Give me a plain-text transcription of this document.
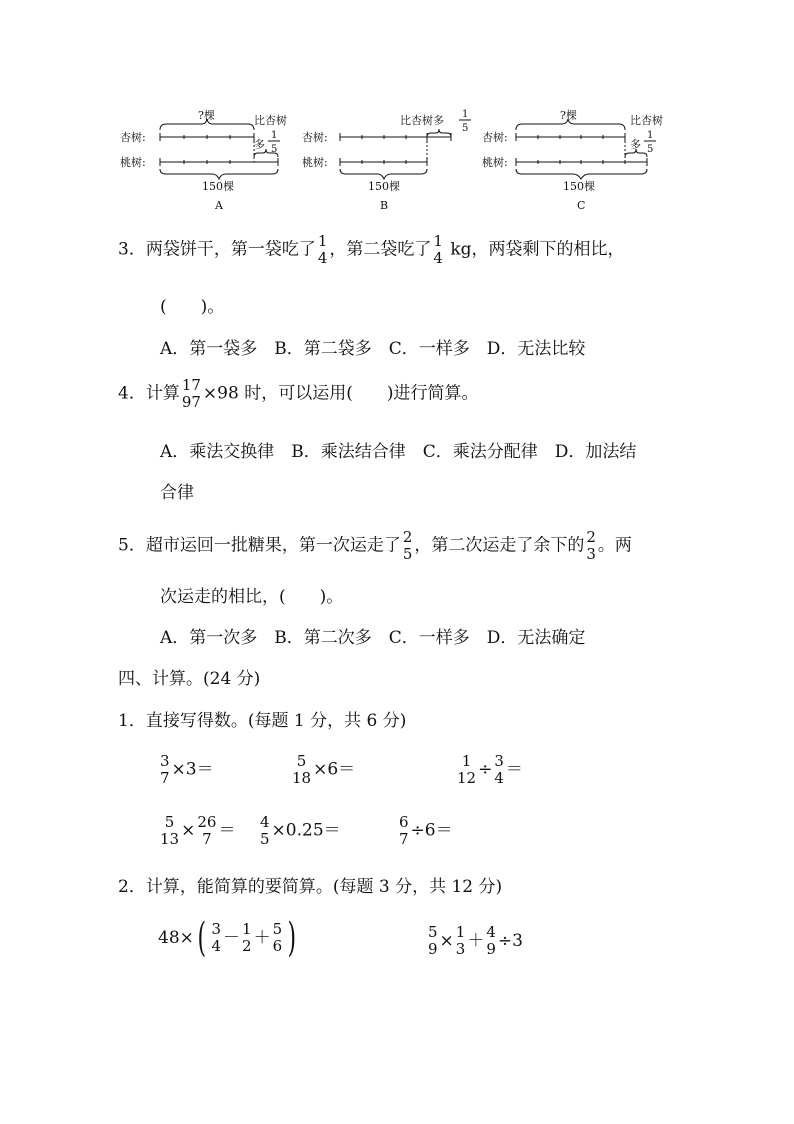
杏树 :
桃树 :
?棵	比杏树
多
1
5
150棵
A
杏树 :
桃树 :
比杏树多 1
5
150棵
B
杏树 :
桃树 :
?棵	比杏树
多
1
5
150棵
C
3．两袋饼干，第一袋吃了 1
4 ，第二袋吃了 1
4 kg，两袋剩下的相比，
(　　)。
A．第一袋多　B．第二袋多　C．一样多　D．无法比较
4．计算 17
97 ×98 时，可以运用(　　)进行简算。
A．乘法交换律　B．乘法结合律　C．乘法分配律　D．加法结
合律
5．超市运回一批糖果，第一次运走了 2
5 ，第二次运走了余下的 2
3 。两
次运走的相比，(　　)。
A．第一次多　B．第二次多　C．一样多　D．无法确定
四、计算。(24 分)
1．直接写得数。(每题 1 分，共 6 分)
3
7 ×3＝	5
18 ×6＝	1
12 ÷ 3
4 ＝
5
13 × 26
7 ＝ 4
5 ×0.25＝	6
7 ÷6＝
2．计算，能简算的要简算。(每题 3 分，共 12 分)
48×( 3
4 － 1
2 ＋ 5
6 )	5
9 × 1
3 ＋ 4
9 ÷3
